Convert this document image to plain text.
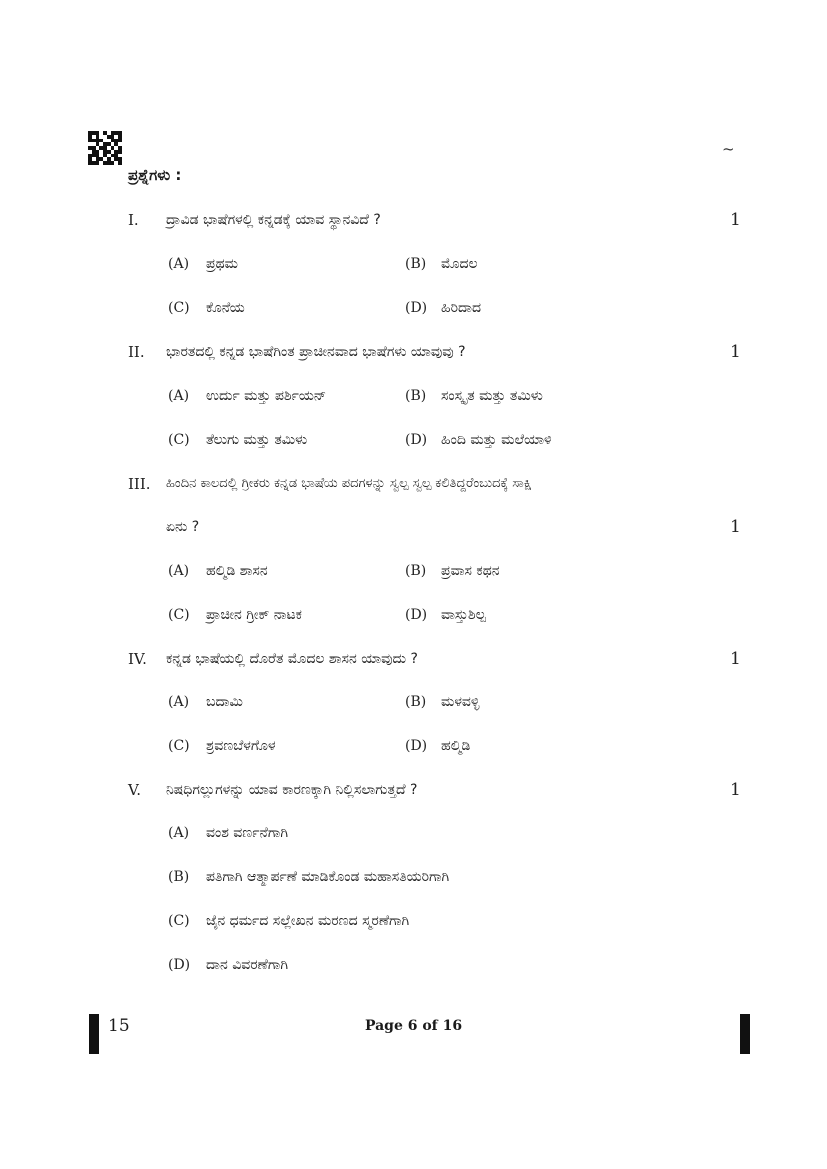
~
ಪ್ರಶ್ನೆಗಳು :
I. ದ್ರಾವಿಡ ಭಾಷೆಗಳಲ್ಲಿ ಕನ್ನಡಕ್ಕೆ ಯಾವ ಸ್ಥಾನವಿದೆ ?	1
(A) ಪ್ರಥಮ	(B) ಮೊದಲ
(C) ಕೊನೆಯ	(D) ಹಿರಿದಾದ
II. ಭಾರತದಲ್ಲಿ ಕನ್ನಡ ಭಾಷೆಗಿಂತ ಪ್ರಾಚೀನವಾದ ಭಾಷೆಗಳು ಯಾವುವು ?	1
(A) ಉರ್ದು ಮತ್ತು ಪರ್ಶಿಯನ್	(B) ಸಂಸ್ಕೃತ ಮತ್ತು ತಮಿಳು
(C) ತೆಲುಗು ಮತ್ತು ತಮಿಳು	(D) ಹಿಂದಿ ಮತ್ತು ಮಲೆಯಾಳಿ
III. ಹಿಂದಿನ ಕಾಲದಲ್ಲಿ ಗ್ರೀಕರು ಕನ್ನಡ ಭಾಷೆಯ ಪದಗಳನ್ನು ಸ್ವಲ್ಪ ಸ್ವಲ್ಪ ಕಲಿತಿದ್ದರೆಂಬುದಕ್ಕೆ ಸಾಕ್ಷಿ
ಏನು ?	1
(A) ಹಲ್ಮಿಡಿ ಶಾಸನ	(B) ಪ್ರವಾಸ ಕಥನ
(C) ಪ್ರಾಚೀನ ಗ್ರೀಕ್ ನಾಟಕ	(D) ವಾಸ್ತುಶಿಲ್ಪ
IV. ಕನ್ನಡ ಭಾಷೆಯಲ್ಲಿ ದೊರೆತ ಮೊದಲ ಶಾಸನ ಯಾವುದು ?	1
(A) ಬದಾಮಿ	(B) ಮಳವಳ್ಳಿ
(C) ಶ್ರವಣಬೆಳಗೊಳ	(D) ಹಲ್ಮಿಡಿ
V. ನಿಷಧಿಗಲ್ಲುಗಳನ್ನು ಯಾವ ಕಾರಣಕ್ಕಾಗಿ ನಿಲ್ಲಿಸಲಾಗುತ್ತದೆ ?	1
(A) ವಂಶ ವರ್ಣನೆಗಾಗಿ
(B) ಪತಿಗಾಗಿ ಆತ್ಮಾರ್ಪಣೆ ಮಾಡಿಕೊಂಡ ಮಹಾಸತಿಯರಿಗಾಗಿ
(C) ಜೈನ ಧರ್ಮದ ಸಲ್ಲೇಖನ ಮರಣದ ಸ್ಮರಣೆಗಾಗಿ
(D) ದಾನ ವಿವರಣೆಗಾಗಿ
15	Page 6 of 16
